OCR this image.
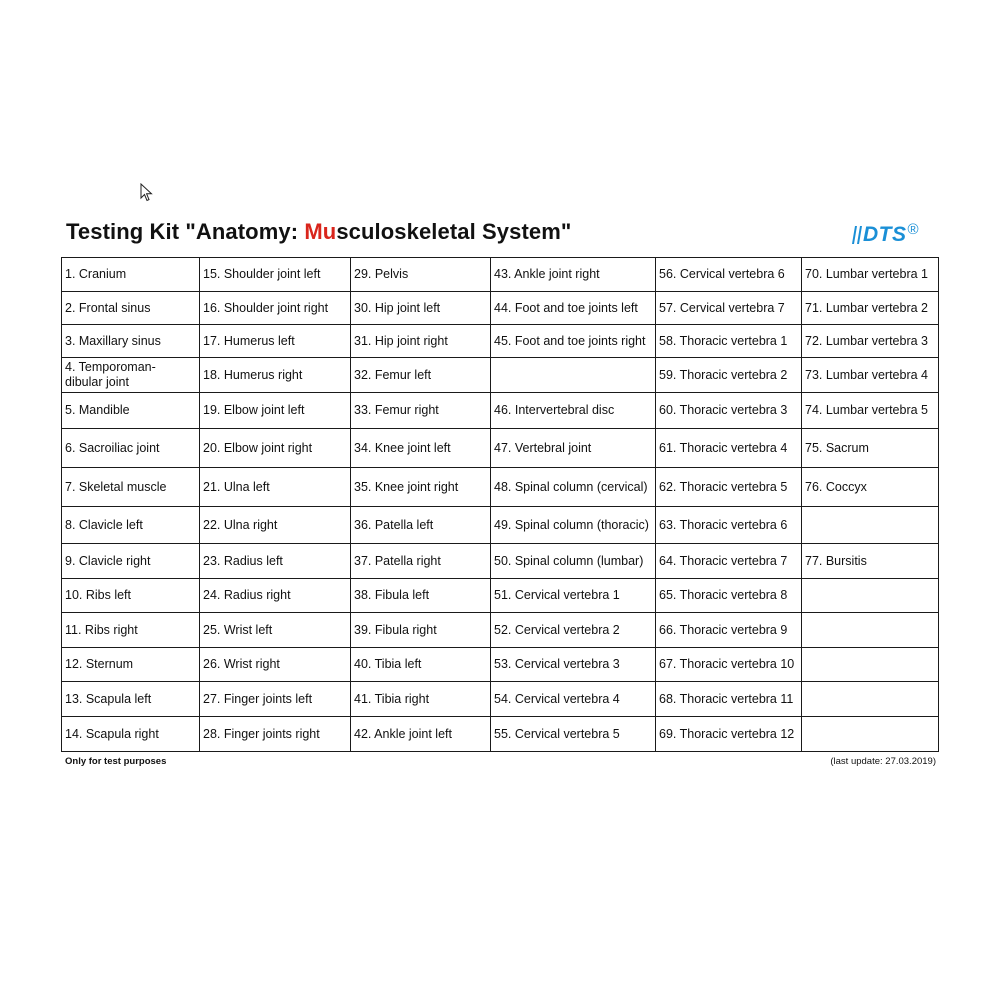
Testing Kit "Anatomy: Musculoskeletal System"	DTS ®
1. Cranium	15. Shoulder joint left	29. Pelvis	43. Ankle joint right	56. Cervical vertebra 6	70. Lumbar vertebra 1
2. Frontal sinus	16. Shoulder joint right	30. Hip joint left	44. Foot and toe joints left	57. Cervical vertebra 7	71. Lumbar vertebra 2
3. Maxillary sinus	17. Humerus left	31. Hip joint right	45. Foot and toe joints right	58. Thoracic vertebra 1	72. Lumbar vertebra 3
4. Temporoman-
dibular joint	18. Humerus right	32. Femur left		59. Thoracic vertebra 2	73. Lumbar vertebra 4
5. Mandible	19. Elbow joint left	33. Femur right	46. Intervertebral disc	60. Thoracic vertebra 3	74. Lumbar vertebra 5
6. Sacroiliac joint	20. Elbow joint right	34. Knee joint left	47. Vertebral joint	61. Thoracic vertebra 4	75. Sacrum
7. Skeletal muscle	21. Ulna left	35. Knee joint right	48. Spinal column (cervical)	62. Thoracic vertebra 5	76. Coccyx
8. Clavicle left	22. Ulna right	36. Patella left	49. Spinal column (thoracic)	63. Thoracic vertebra 6	
9. Clavicle right	23. Radius left	37. Patella right	50. Spinal column (lumbar)	64. Thoracic vertebra 7	77. Bursitis
10. Ribs left	24. Radius right	38. Fibula left	51. Cervical vertebra 1	65. Thoracic vertebra 8	
11. Ribs right	25. Wrist left	39. Fibula right	52. Cervical vertebra 2	66. Thoracic vertebra 9	
12. Sternum	26. Wrist right	40. Tibia left	53. Cervical vertebra 3	67. Thoracic vertebra 10	
13. Scapula left	27. Finger joints left	41. Tibia right	54. Cervical vertebra 4	68. Thoracic vertebra 11	
14. Scapula right	28. Finger joints right	42. Ankle joint left	55. Cervical vertebra 5	69. Thoracic vertebra 12	
Only for test purposes	(last update: 27.03.2019)
